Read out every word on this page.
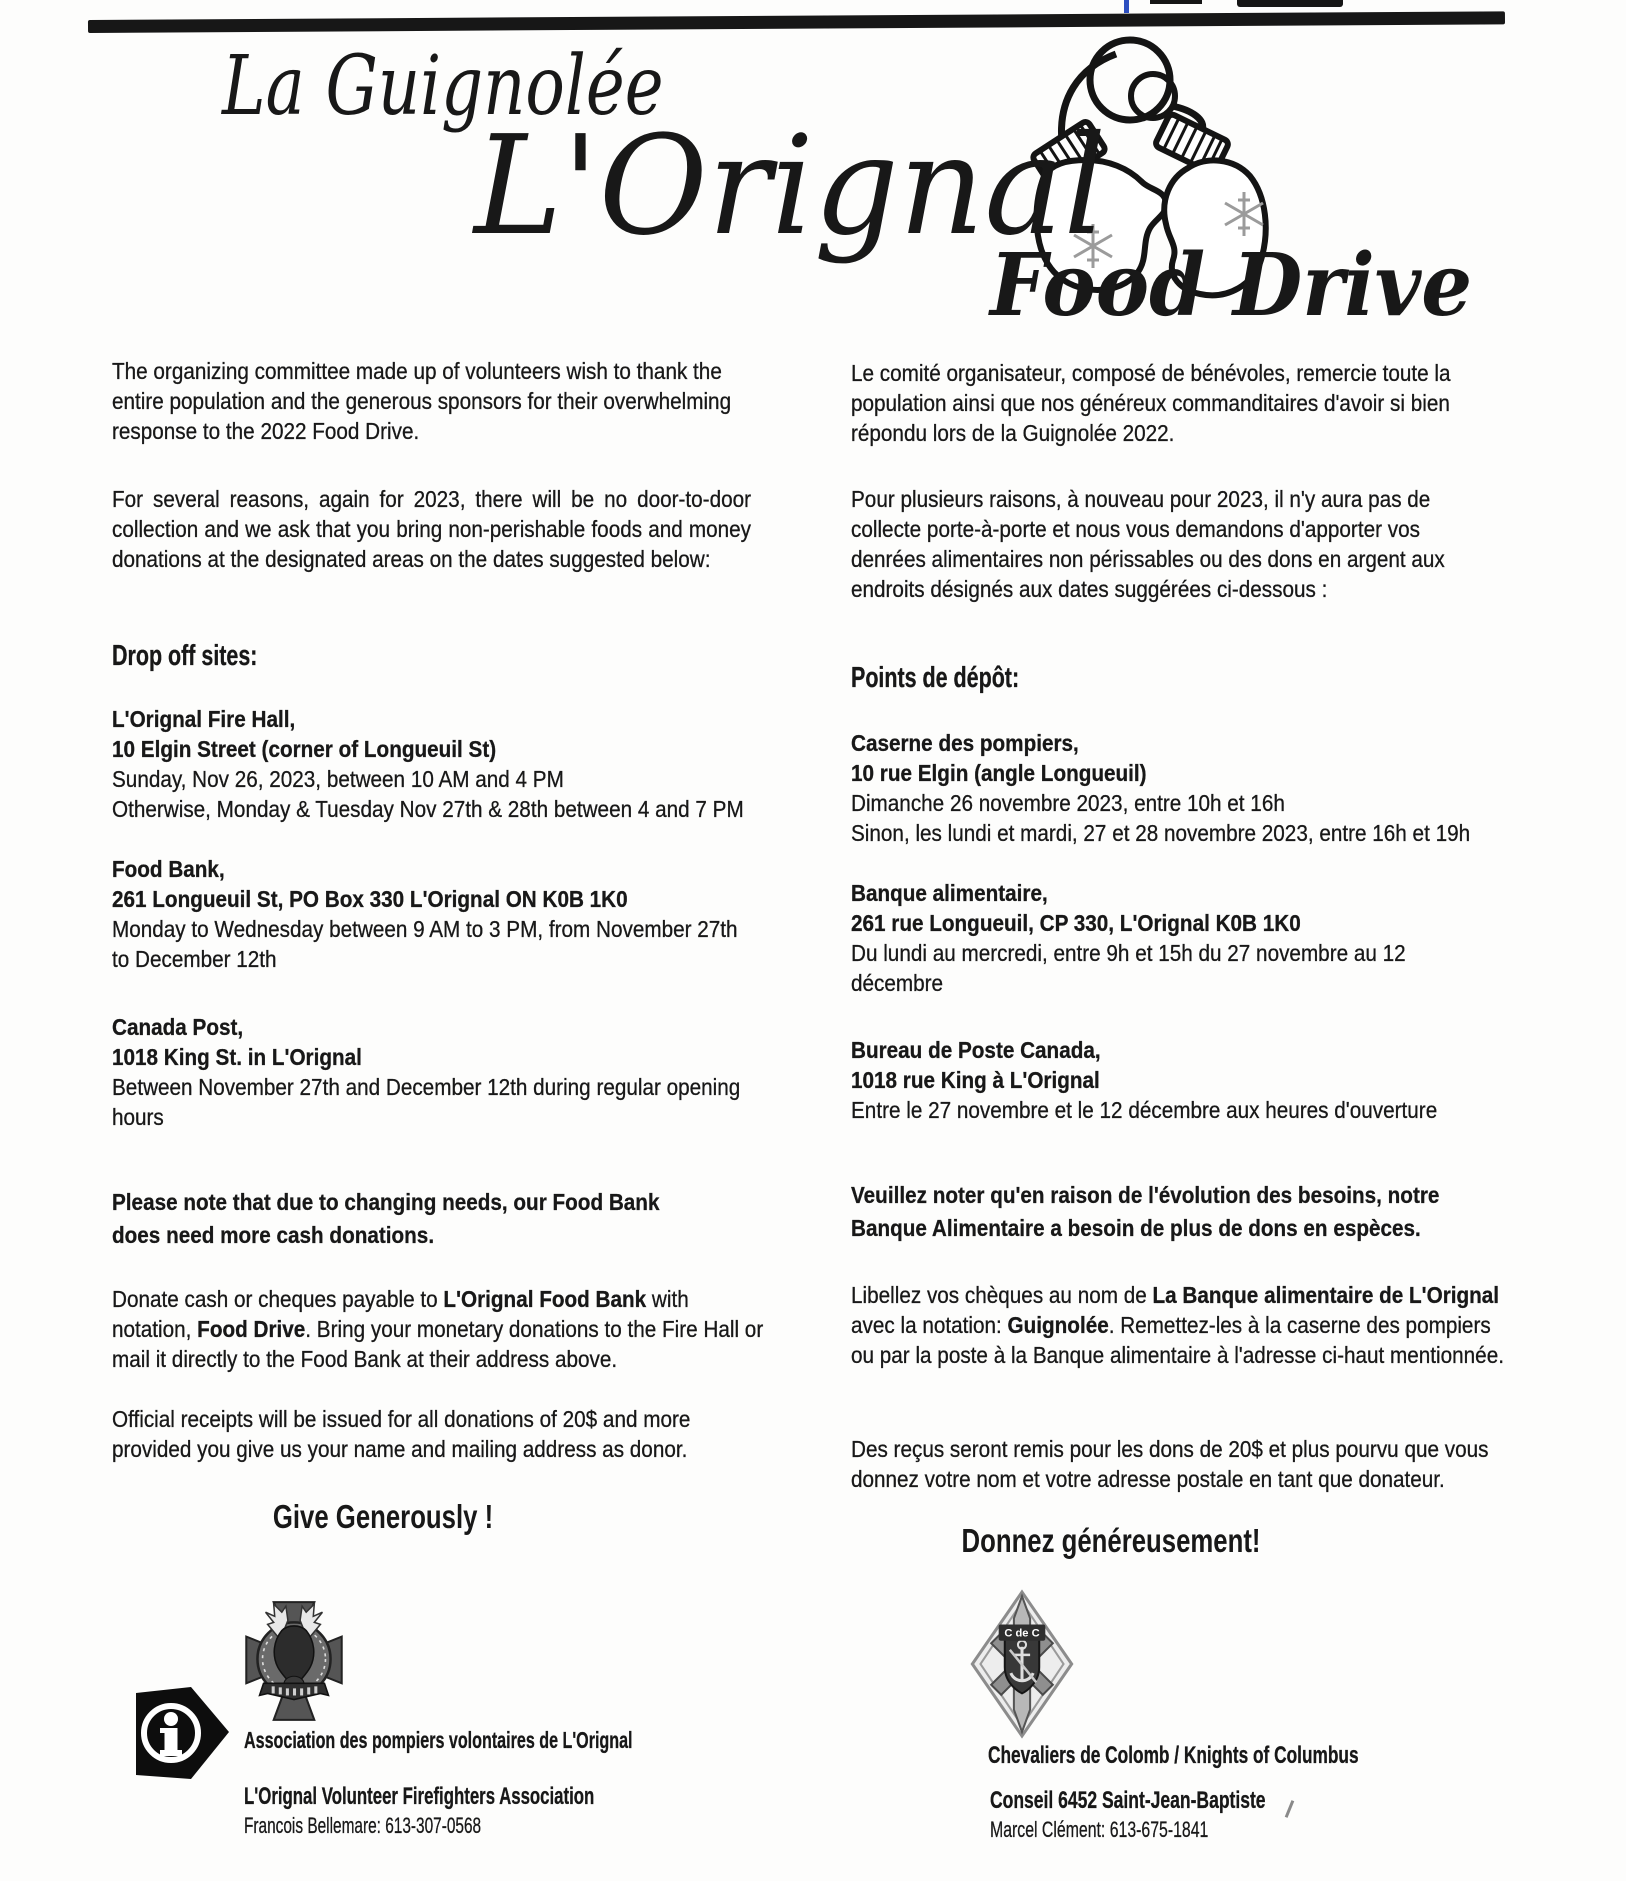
La Guignolée
L'Orignal
Food Drive
The organizing committee made up of volunteers wish to thank the entire population and the generous sponsors for their overwhelming response to the 2022 Food Drive.
For several reasons, again for 2023, there will be no door-to-door collection and we ask that you bring non-perishable foods and money donations at the designated areas on the dates suggested below:
Drop off sites:
L'Orignal Fire Hall,
10 Elgin Street (corner of Longueuil St)
Sunday, Nov 26, 2023, between 10 AM and 4 PM
Otherwise, Monday & Tuesday Nov 27th & 28th between 4 and 7 PM
Food Bank,
261 Longueuil St, PO Box 330 L'Orignal ON K0B 1K0
Monday to Wednesday between 9 AM to 3 PM, from November 27th
to December 12th
Canada Post,
1018 King St. in L'Orignal
Between November 27th and December 12th during regular opening
hours
Please note that due to changing needs, our Food Bank does need more cash donations.
Donate cash or cheques payable to L'Orignal Food Bank with notation, Food Drive. Bring your monetary donations to the Fire Hall or mail it directly to the Food Bank at their address above.
Official receipts will be issued for all donations of 20$ and more provided you give us your name and mailing address as donor.
Give Generously !
Association des pompiers volontaires de L'Orignal
L'Orignal Volunteer Firefighters Association
Francois Bellemare: 613-307-0568
Le comité organisateur, composé de bénévoles, remercie toute la population ainsi que nos généreux commanditaires d'avoir si bien répondu lors de la Guignolée 2022.
Pour plusieurs raisons, à nouveau pour 2023, il n'y aura pas de collecte porte-à-porte et nous vous demandons d'apporter vos denrées alimentaires non périssables ou des dons en argent aux endroits désignés aux dates suggérées ci-dessous :
Points de dépôt:
Caserne des pompiers,
10 rue Elgin (angle Longueuil)
Dimanche 26 novembre 2023, entre 10h et 16h
Sinon, les lundi et mardi, 27 et 28 novembre 2023, entre 16h et 19h
Banque alimentaire,
261 rue Longueuil, CP 330, L'Orignal K0B 1K0
Du lundi au mercredi, entre 9h et 15h du 27 novembre au 12
décembre
Bureau de Poste Canada,
1018 rue King à L'Orignal
Entre le 27 novembre et le 12 décembre aux heures d'ouverture
Veuillez noter qu'en raison de l'évolution des besoins, notre Banque Alimentaire a besoin de plus de dons en espèces.
Libellez vos chèques au nom de La Banque alimentaire de L'Orignal avec la notation: Guignolée. Remettez-les à la caserne des pompiers ou par la poste à la Banque alimentaire à l'adresse ci-haut mentionnée.
Des reçus seront remis pour les dons de 20$ et plus pourvu que vous donnez votre nom et votre adresse postale en tant que donateur.
Donnez généreusement!
C de C
Chevaliers de Colomb / Knights of Columbus
Conseil 6452 Saint-Jean-Baptiste
Marcel Clément: 613-675-1841
